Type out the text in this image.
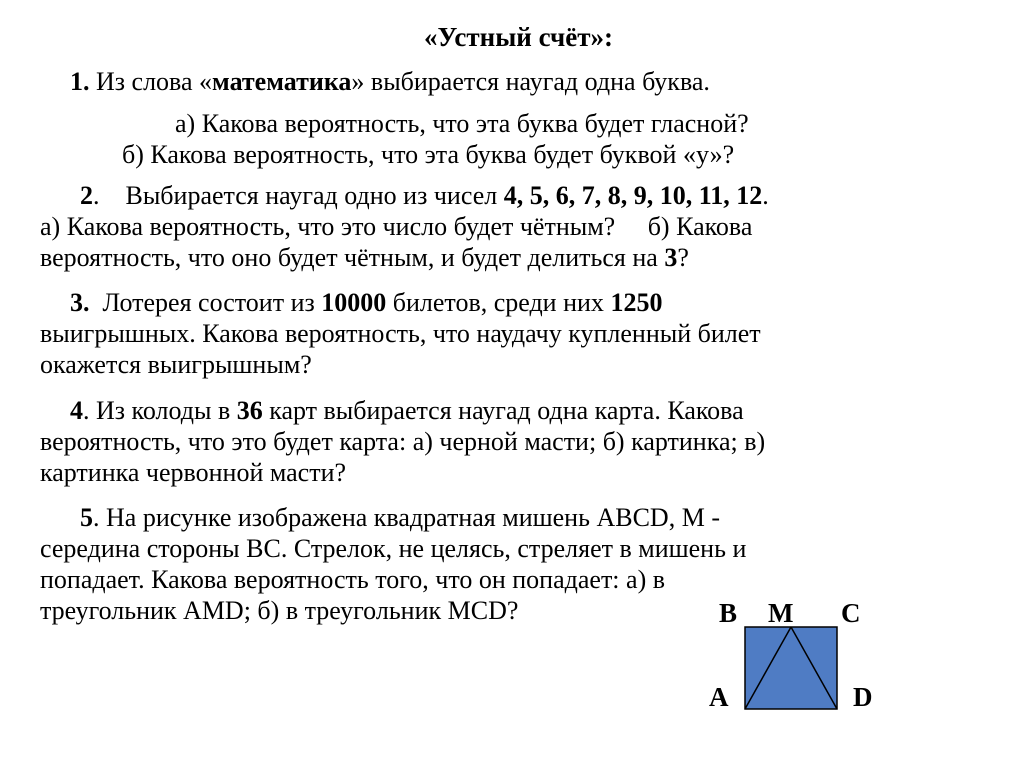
«Устный счёт»:
1. Из слова «математика» выбирается наугад одна буква.
а) Какова вероятность, что эта буква будет гласной?
б) Какова вероятность, что эта буква будет буквой «у»?
2.    Выбирается наугад одно из чисел 4, 5, 6, 7, 8, 9, 10, 11, 12.
а) Какова вероятность, что это число будет чётным?     б) Какова
вероятность, что оно будет чётным, и будет делиться на 3?
3.  Лотерея состоит из 10000 билетов, среди них 1250
выигрышных. Какова вероятность, что наудачу купленный билет
окажется выигрышным?
4. Из колоды в 36 карт выбирается наугад одна карта. Какова
вероятность, что это будет карта: а) черной масти; б) картинка; в)
картинка червонной масти?
5. На рисунке изображена квадратная мишень ABCD, M -
середина стороны BC. Стрелок, не целясь, стреляет в мишень и
попадает. Какова вероятность того, что он попадает: а) в
треугольник AMD; б) в треугольник MCD?	B M C
A	D
